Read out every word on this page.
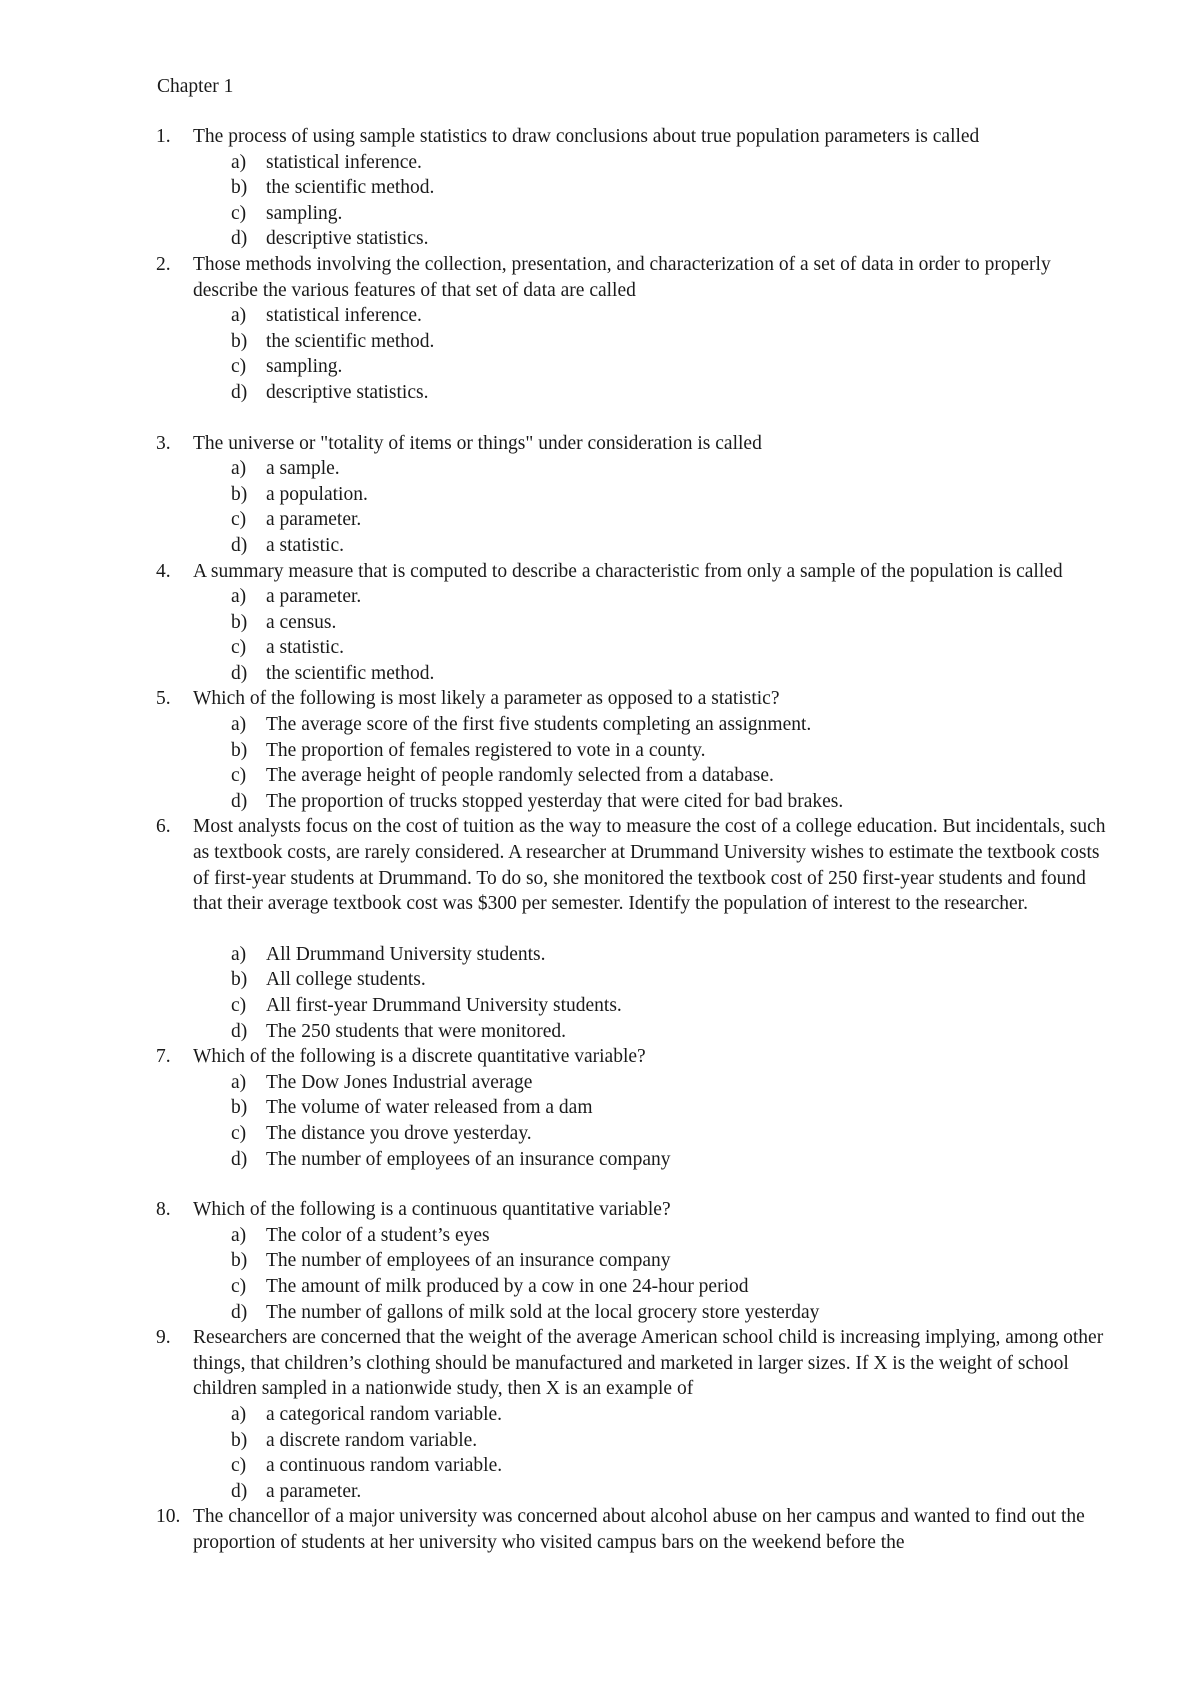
Chapter 1
1.	The process of using sample statistics to draw conclusions about true population parameters is called
a) statistical inference.
b) the scientific method.
c) sampling.
d) descriptive statistics.
2.	Those methods involving the collection, presentation, and characterization of a set of data in order to properly describe the various features of that set of data are called
a) statistical inference.
b) the scientific method.
c) sampling.
d) descriptive statistics.
3.	The universe or "totality of items or things" under consideration is called
a) a sample.
b) a population.
c) a parameter.
d) a statistic.
4.	A summary measure that is computed to describe a characteristic from only a sample of the population is called
a) a parameter.
b) a census.
c) a statistic.
d) the scientific method.
5.	Which of the following is most likely a parameter as opposed to a statistic?
a) The average score of the first five students completing an assignment.
b) The proportion of females registered to vote in a county.
c) The average height of people randomly selected from a database.
d) The proportion of trucks stopped yesterday that were cited for bad brakes.
6.	Most analysts focus on the cost of tuition as the way to measure the cost of a college education. But incidentals, such as textbook costs, are rarely considered. A researcher at Drummand University wishes to estimate the textbook costs of first-year students at Drummand. To do so, she monitored the textbook cost of 250 first-year students and found that their average textbook cost was $300 per semester. Identify the population of interest to the researcher.
a) All Drummand University students.
b) All college students.
c) All first-year Drummand University students.
d) The 250 students that were monitored.
7.	Which of the following is a discrete quantitative variable?
a) The Dow Jones Industrial average
b) The volume of water released from a dam
c) The distance you drove yesterday.
d) The number of employees of an insurance company
8.	Which of the following is a continuous quantitative variable?
a) The color of a student’s eyes
b) The number of employees of an insurance company
c) The amount of milk produced by a cow in one 24-hour period
d) The number of gallons of milk sold at the local grocery store yesterday
9.	Researchers are concerned that the weight of the average American school child is increasing implying, among other things, that children’s clothing should be manufactured and marketed in larger sizes. If X is the weight of school children sampled in a nationwide study, then X is an example of
a) a categorical random variable.
b) a discrete random variable.
c) a continuous random variable.
d) a parameter.
10. The chancellor of a major university was concerned about alcohol abuse on her campus and wanted to find out the proportion of students at her university who visited campus bars on the weekend before the
